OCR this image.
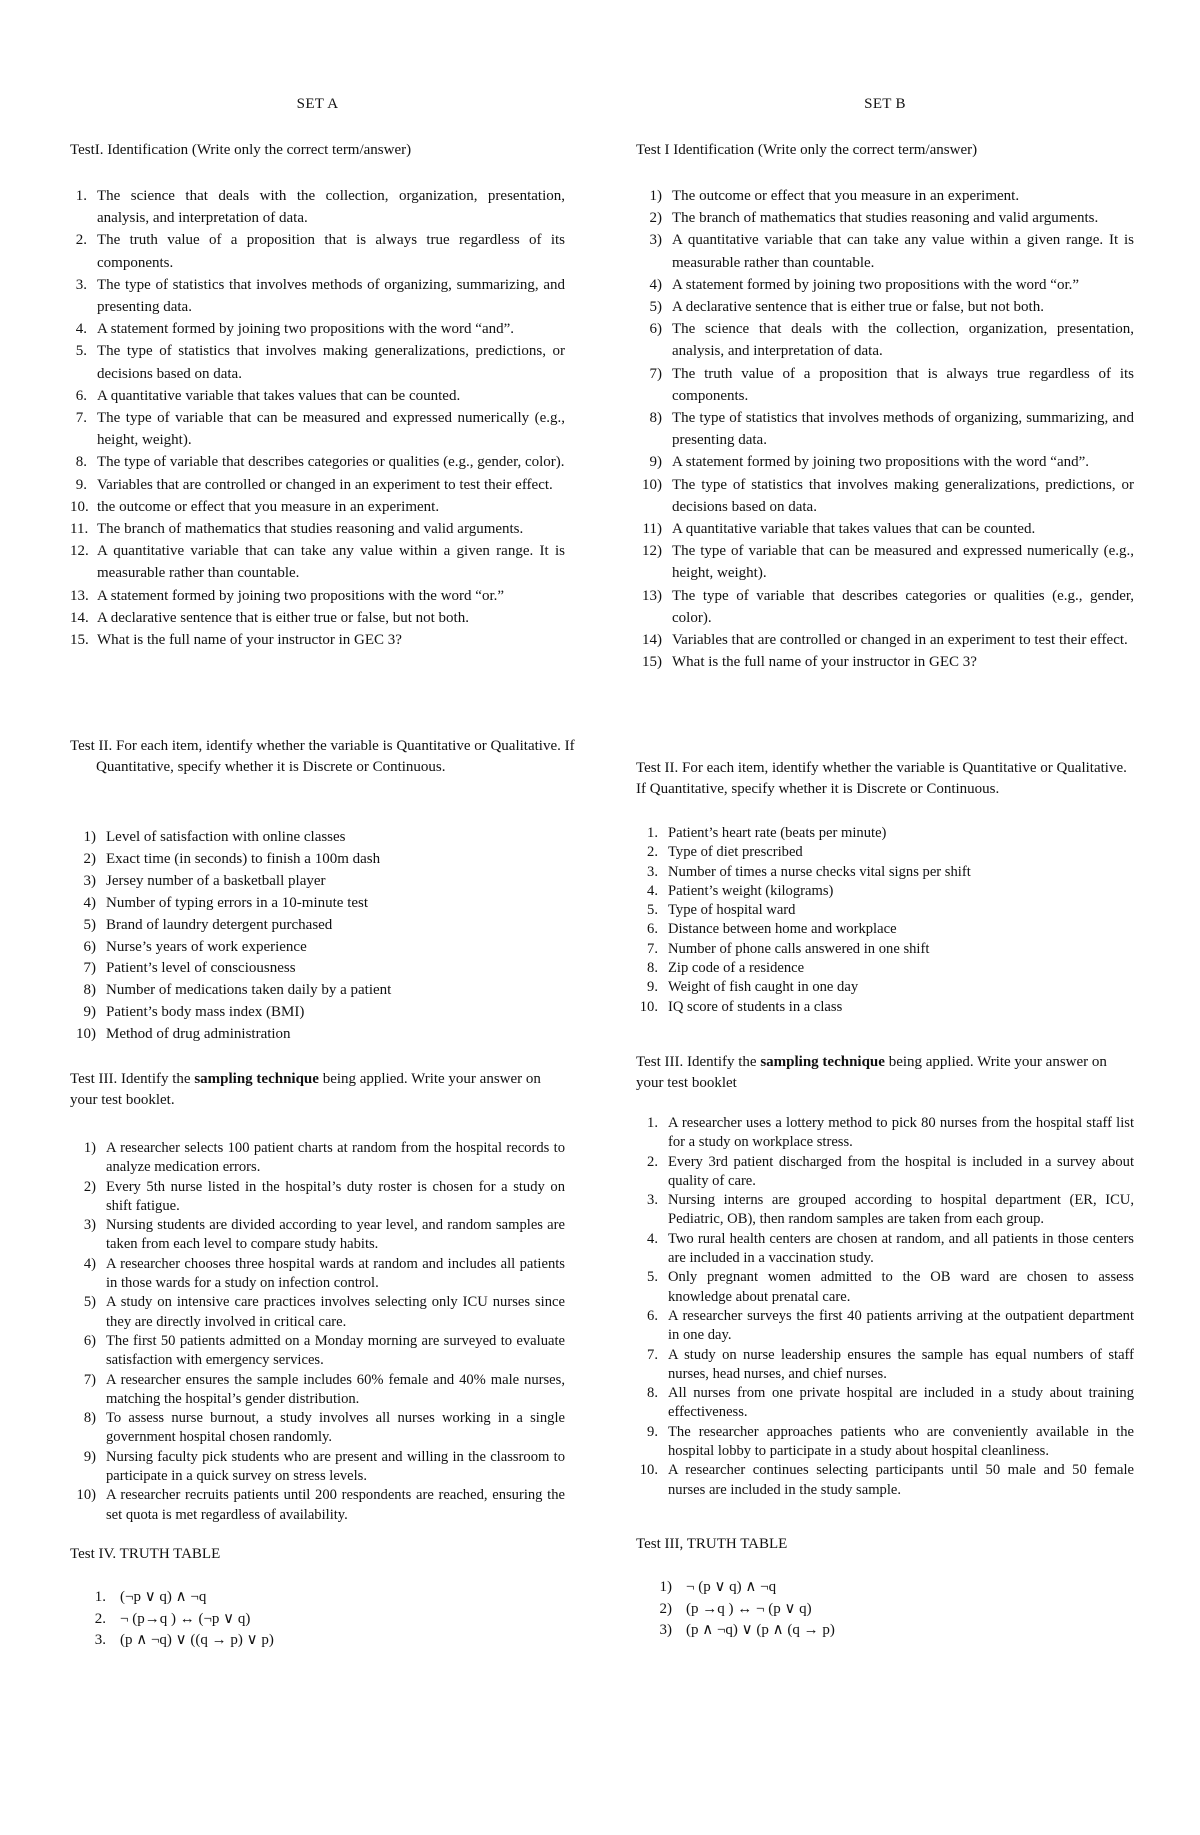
SET A
TestI. Identification (Write only the correct term/answer)
1. The science that deals with the collection, organization, presentation, analysis, and interpretation of data.
2. The truth value of a proposition that is always true regardless of its components.
3. The type of statistics that involves methods of organizing, summarizing, and presenting data.
4. A statement formed by joining two propositions with the word “and”.
5. The type of statistics that involves making generalizations, predictions, or decisions based on data.
6. A quantitative variable that takes values that can be counted.
7. The type of variable that can be measured and expressed numerically (e.g., height, weight).
8. The type of variable that describes categories or qualities (e.g., gender, color).
9. Variables that are controlled or changed in an experiment to test their effect.
10. the outcome or effect that you measure in an experiment.
11. The branch of mathematics that studies reasoning and valid arguments.
12. A quantitative variable that can take any value within a given range. It is measurable rather than countable.
13. A statement formed by joining two propositions with the word “or.”
14. A declarative sentence that is either true or false, but not both.
15. What is the full name of your instructor in GEC 3?
Test II. For each item, identify whether the variable is Quantitative or Qualitative. If Quantitative, specify whether it is Discrete or Continuous.
1) Level of satisfaction with online classes
2) Exact time (in seconds) to finish a 100m dash
3) Jersey number of a basketball player
4) Number of typing errors in a 10-minute test
5) Brand of laundry detergent purchased
6) Nurse’s years of work experience
7) Patient’s level of consciousness
8) Number of medications taken daily by a patient
9) Patient’s body mass index (BMI)
10) Method of drug administration
Test III. Identify the sampling technique being applied. Write your answer on your test booklet.
1) A researcher selects 100 patient charts at random from the hospital records to analyze medication errors.
2) Every 5th nurse listed in the hospital’s duty roster is chosen for a study on shift fatigue.
3) Nursing students are divided according to year level, and random samples are taken from each level to compare study habits.
4) A researcher chooses three hospital wards at random and includes all patients in those wards for a study on infection control.
5) A study on intensive care practices involves selecting only ICU nurses since they are directly involved in critical care.
6) The first 50 patients admitted on a Monday morning are surveyed to evaluate satisfaction with emergency services.
7) A researcher ensures the sample includes 60% female and 40% male nurses, matching the hospital’s gender distribution.
8) To assess nurse burnout, a study involves all nurses working in a single government hospital chosen randomly.
9) Nursing faculty pick students who are present and willing in the classroom to participate in a quick survey on stress levels.
10) A researcher recruits patients until 200 respondents are reached, ensuring the set quota is met regardless of availability.
Test IV. TRUTH TABLE
1. (¬p ∨ q) ∧ ¬q
2. ¬ (p→q ) ↔ (¬p ∨ q)
3. (p ∧ ¬q) ∨ ((q → p) ∨ p)
SET B
Test I Identification (Write only the correct term/answer)
1) The outcome or effect that you measure in an experiment.
2) The branch of mathematics that studies reasoning and valid arguments.
3) A quantitative variable that can take any value within a given range. It is measurable rather than countable.
4) A statement formed by joining two propositions with the word “or.”
5) A declarative sentence that is either true or false, but not both.
6) The science that deals with the collection, organization, presentation, analysis, and interpretation of data.
7) The truth value of a proposition that is always true regardless of its components.
8) The type of statistics that involves methods of organizing, summarizing, and presenting data.
9) A statement formed by joining two propositions with the word “and”.
10) The type of statistics that involves making generalizations, predictions, or decisions based on data.
11) A quantitative variable that takes values that can be counted.
12) The type of variable that can be measured and expressed numerically (e.g., height, weight).
13) The type of variable that describes categories or qualities (e.g., gender, color).
14) Variables that are controlled or changed in an experiment to test their effect.
15) What is the full name of your instructor in GEC 3?
Test II. For each item, identify whether the variable is Quantitative or Qualitative. If Quantitative, specify whether it is Discrete or Continuous.
1. Patient’s heart rate (beats per minute)
2. Type of diet prescribed
3. Number of times a nurse checks vital signs per shift
4. Patient’s weight (kilograms)
5. Type of hospital ward
6. Distance between home and workplace
7. Number of phone calls answered in one shift
8. Zip code of a residence
9. Weight of fish caught in one day
10. IQ score of students in a class
Test III. Identify the sampling technique being applied. Write your answer on your test booklet
1. A researcher uses a lottery method to pick 80 nurses from the hospital staff list for a study on workplace stress.
2. Every 3rd patient discharged from the hospital is included in a survey about quality of care.
3. Nursing interns are grouped according to hospital department (ER, ICU, Pediatric, OB), then random samples are taken from each group.
4. Two rural health centers are chosen at random, and all patients in those centers are included in a vaccination study.
5. Only pregnant women admitted to the OB ward are chosen to assess knowledge about prenatal care.
6. A researcher surveys the first 40 patients arriving at the outpatient department in one day.
7. A study on nurse leadership ensures the sample has equal numbers of staff nurses, head nurses, and chief nurses.
8. All nurses from one private hospital are included in a study about training effectiveness.
9. The researcher approaches patients who are conveniently available in the hospital lobby to participate in a study about hospital cleanliness.
10. A researcher continues selecting participants until 50 male and 50 female nurses are included in the study sample.
Test III, TRUTH TABLE
1) ¬ (p ∨ q) ∧ ¬q
2) (p →q ) ↔ ¬ (p ∨ q)
3) (p ∧ ¬q) ∨ (p ∧ (q → p)
